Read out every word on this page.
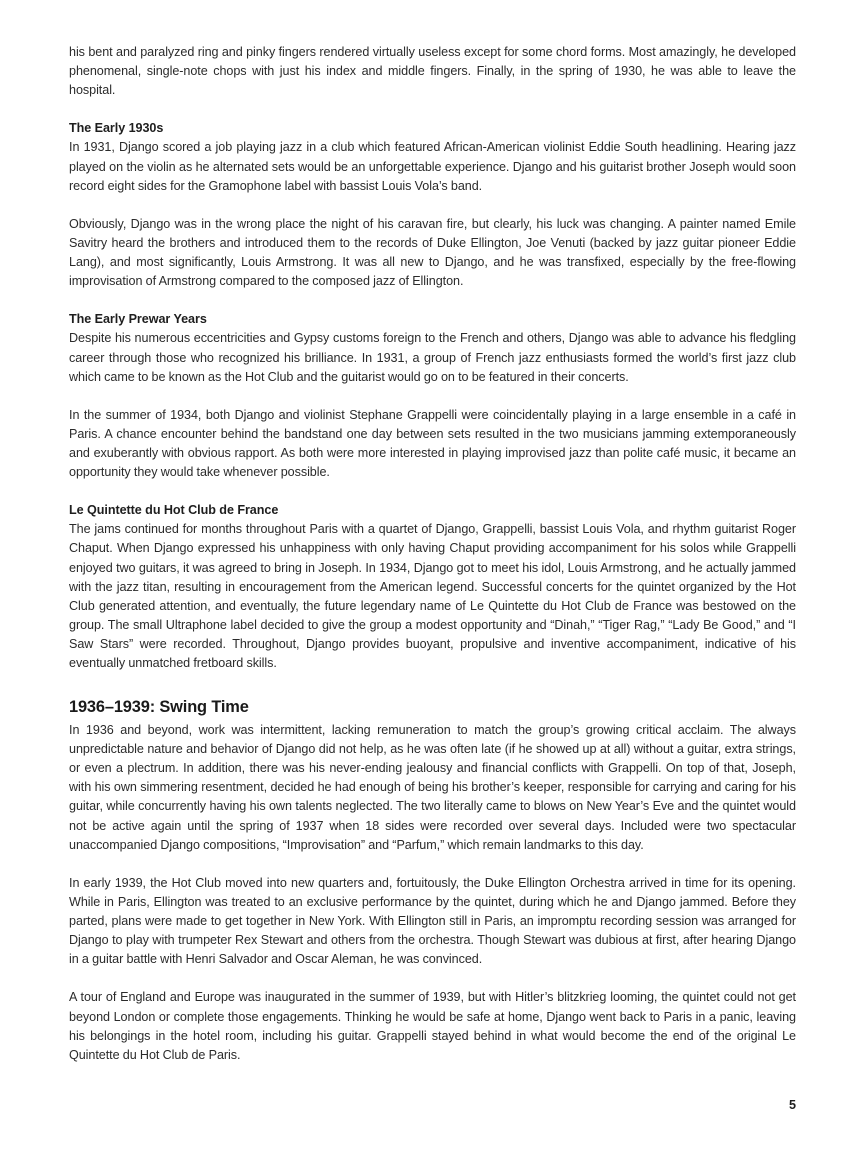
his bent and paralyzed ring and pinky fingers rendered virtually useless except for some chord forms. Most amazingly, he developed phenomenal, single-note chops with just his index and middle fingers. Finally, in the spring of 1930, he was able to leave the hospital.

The Early 1930s

In 1931, Django scored a job playing jazz in a club which featured African-American violinist Eddie South headlining. Hearing jazz played on the violin as he alternated sets would be an unforgettable experience. Django and his guitarist brother Joseph would soon record eight sides for the Gramophone label with bassist Louis Vola’s band.

Obviously, Django was in the wrong place the night of his caravan fire, but clearly, his luck was changing. A painter named Emile Savitry heard the brothers and introduced them to the records of Duke Ellington, Joe Venuti (backed by jazz guitar pioneer Eddie Lang), and most significantly, Louis Armstrong. It was all new to Django, and he was transfixed, especially by the free-flowing improvisation of Armstrong compared to the composed jazz of Ellington.

The Early Prewar Years

Despite his numerous eccentricities and Gypsy customs foreign to the French and others, Django was able to advance his fledgling career through those who recognized his brilliance. In 1931, a group of French jazz enthusiasts formed the world’s first jazz club which came to be known as the Hot Club and the guitarist would go on to be featured in their concerts.

In the summer of 1934, both Django and violinist Stephane Grappelli were coincidentally playing in a large ensemble in a café in Paris. A chance encounter behind the bandstand one day between sets resulted in the two musicians jamming extemporaneously and exuberantly with obvious rapport. As both were more interested in playing improvised jazz than polite café music, it became an opportunity they would take whenever possible.

Le Quintette du Hot Club de France

The jams continued for months throughout Paris with a quartet of Django, Grappelli, bassist Louis Vola, and rhythm guitarist Roger Chaput. When Django expressed his unhappiness with only having Chaput providing accompaniment for his solos while Grappelli enjoyed two guitars, it was agreed to bring in Joseph. In 1934, Django got to meet his idol, Louis Armstrong, and he actually jammed with the jazz titan, resulting in encouragement from the American legend. Successful concerts for the quintet organized by the Hot Club generated attention, and eventually, the future legendary name of Le Quintette du Hot Club de France was bestowed on the group. The small Ultraphone label decided to give the group a modest opportunity and “Dinah,” “Tiger Rag,” “Lady Be Good,” and “I Saw Stars” were recorded. Throughout, Django provides buoyant, propulsive and inventive accompaniment, indicative of his eventually unmatched fretboard skills.

1936–1939: Swing Time

In 1936 and beyond, work was intermittent, lacking remuneration to match the group’s growing critical acclaim. The always unpredictable nature and behavior of Django did not help, as he was often late (if he showed up at all) without a guitar, extra strings, or even a plectrum. In addition, there was his never-ending jealousy and financial conflicts with Grappelli. On top of that, Joseph, with his own simmering resentment, decided he had enough of being his brother’s keeper, responsible for carrying and caring for his guitar, while concurrently having his own talents neglected. The two literally came to blows on New Year’s Eve and the quintet would not be active again until the spring of 1937 when 18 sides were recorded over several days. Included were two spectacular unaccompanied Django compositions, “Improvisation” and “Parfum,” which remain landmarks to this day.

In early 1939, the Hot Club moved into new quarters and, fortuitously, the Duke Ellington Orchestra arrived in time for its opening. While in Paris, Ellington was treated to an exclusive performance by the quintet, during which he and Django jammed. Before they parted, plans were made to get together in New York. With Ellington still in Paris, an impromptu recording session was arranged for Django to play with trumpeter Rex Stewart and others from the orchestra. Though Stewart was dubious at first, after hearing Django in a guitar battle with Henri Salvador and Oscar Aleman, he was convinced.

A tour of England and Europe was inaugurated in the summer of 1939, but with Hitler’s blitzkrieg looming, the quintet could not get beyond London or complete those engagements. Thinking he would be safe at home, Django went back to Paris in a panic, leaving his belongings in the hotel room, including his guitar. Grappelli stayed behind in what would become the end of the original Le Quintette du Hot Club de Paris.

5
